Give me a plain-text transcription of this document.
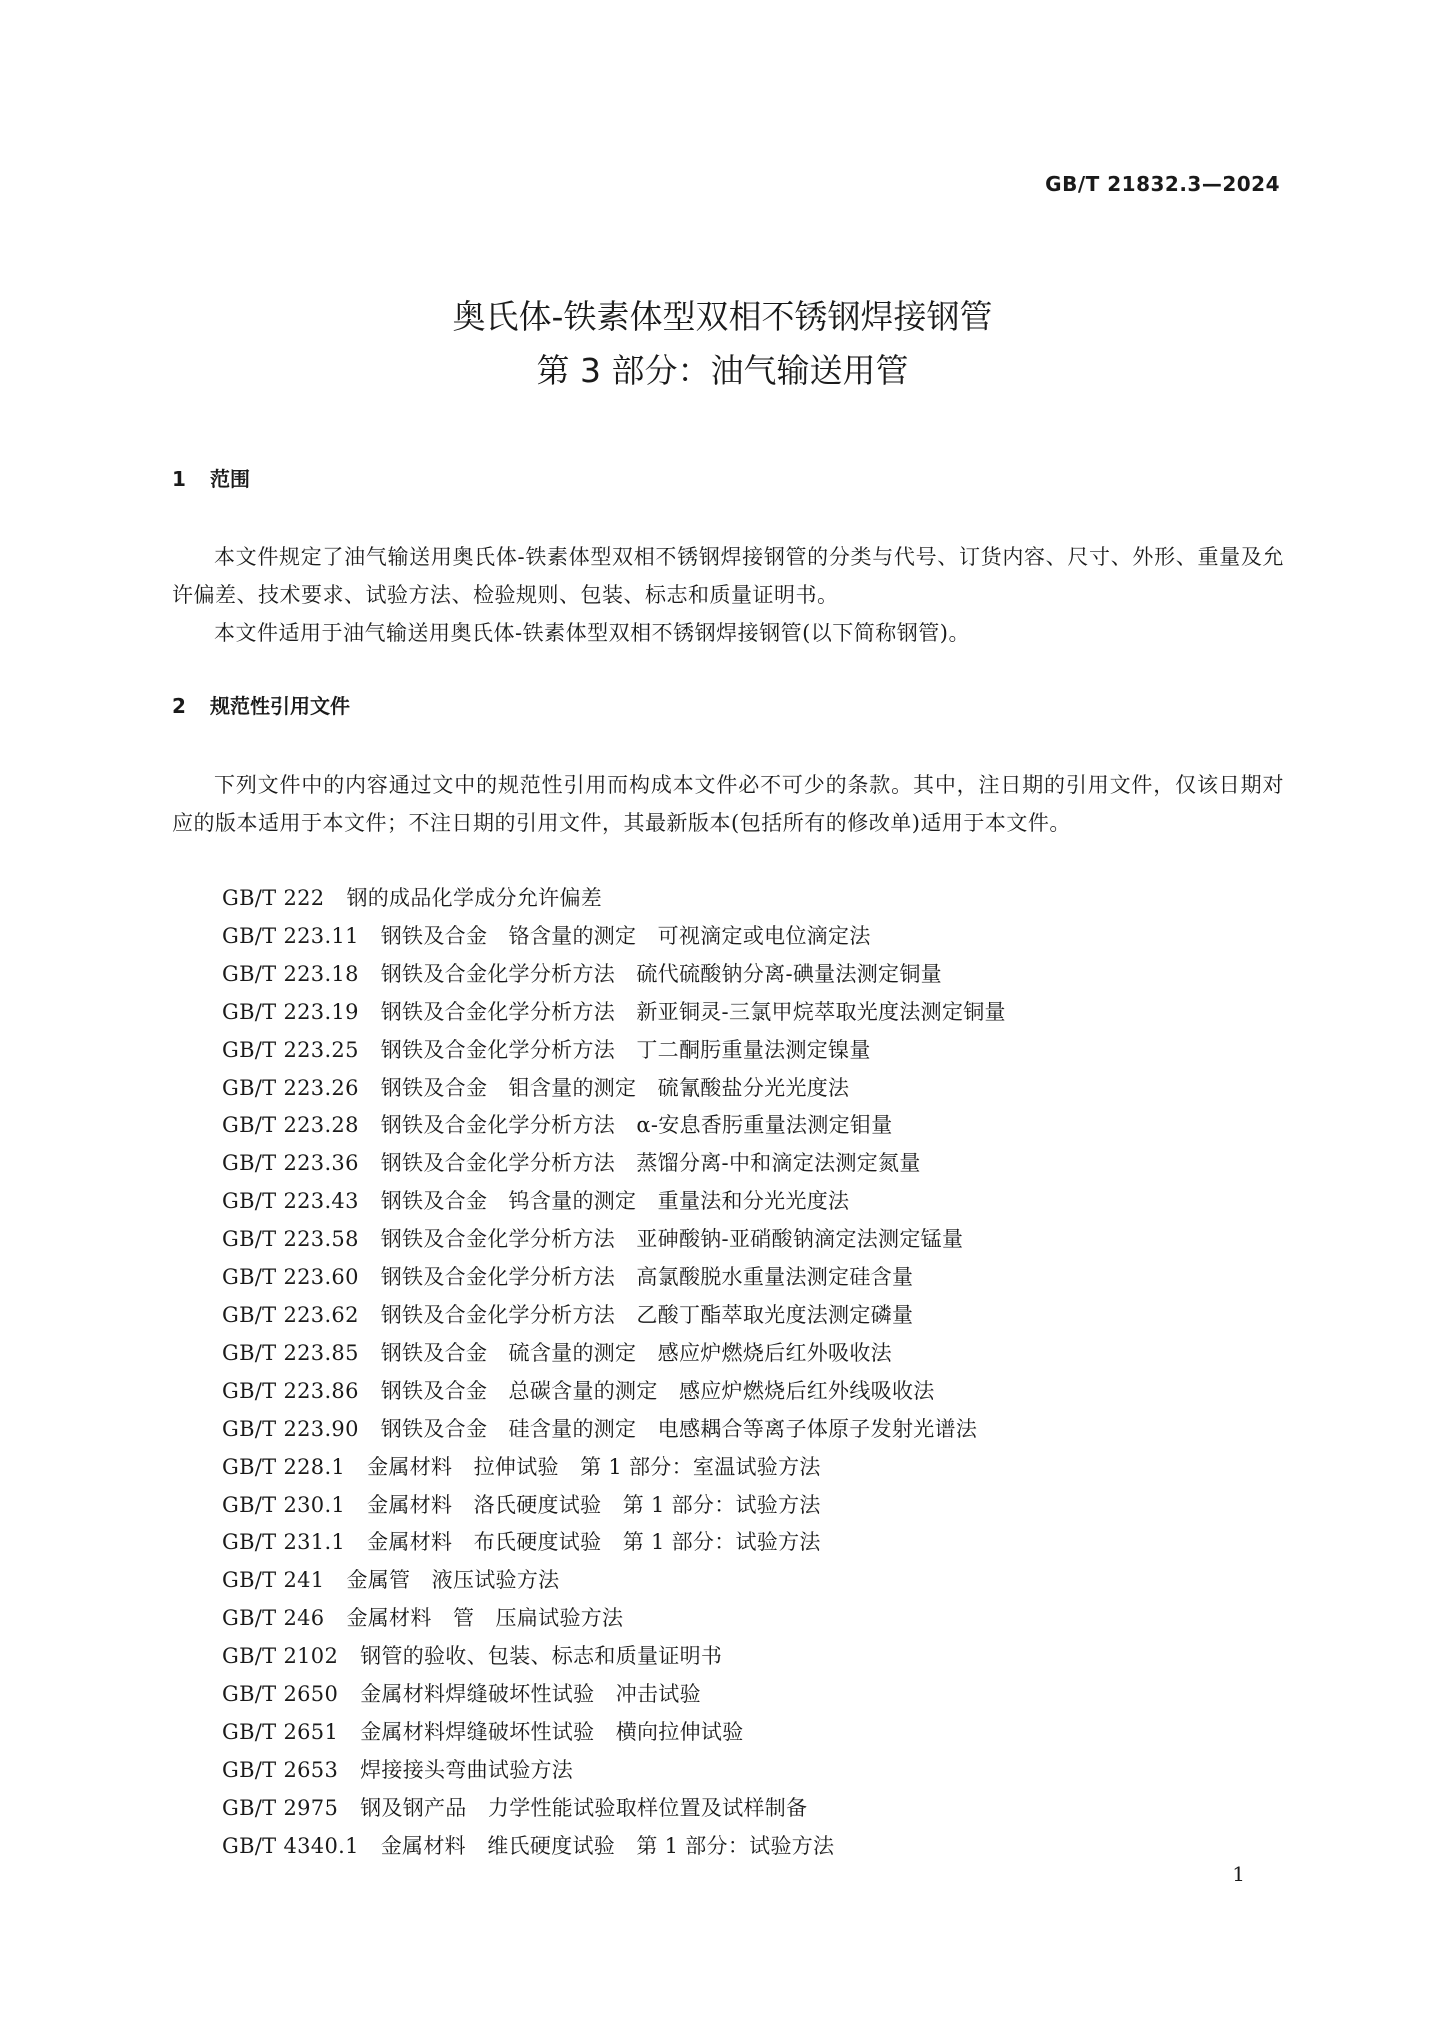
GB/T 21832.3—2024
奥氏体-铁素体型双相不锈钢焊接钢管
第 3 部分：油气输送用管
1 范围
本文件规定了油气输送用奥氏体-铁素体型双相不锈钢焊接钢管的分类与代号、订货内容、尺寸、外形、重量及允许偏差、技术要求、试验方法、检验规则、包装、标志和质量证明书。
本文件适用于油气输送用奥氏体-铁素体型双相不锈钢焊接钢管(以下简称钢管)。
2 规范性引用文件
下列文件中的内容通过文中的规范性引用而构成本文件必不可少的条款。其中，注日期的引用文件，仅该日期对应的版本适用于本文件；不注日期的引用文件，其最新版本(包括所有的修改单)适用于本文件。
GB/T 222 钢的成品化学成分允许偏差
GB/T 223.11 钢铁及合金　铬含量的测定　可视滴定或电位滴定法
GB/T 223.18 钢铁及合金化学分析方法　硫代硫酸钠分离-碘量法测定铜量
GB/T 223.19 钢铁及合金化学分析方法　新亚铜灵-三氯甲烷萃取光度法测定铜量
GB/T 223.25 钢铁及合金化学分析方法　丁二酮肟重量法测定镍量
GB/T 223.26 钢铁及合金　钼含量的测定　硫氰酸盐分光光度法
GB/T 223.28 钢铁及合金化学分析方法　α-安息香肟重量法测定钼量
GB/T 223.36 钢铁及合金化学分析方法　蒸馏分离-中和滴定法测定氮量
GB/T 223.43 钢铁及合金　钨含量的测定　重量法和分光光度法
GB/T 223.58 钢铁及合金化学分析方法　亚砷酸钠-亚硝酸钠滴定法测定锰量
GB/T 223.60 钢铁及合金化学分析方法　高氯酸脱水重量法测定硅含量
GB/T 223.62 钢铁及合金化学分析方法　乙酸丁酯萃取光度法测定磷量
GB/T 223.85 钢铁及合金　硫含量的测定　感应炉燃烧后红外吸收法
GB/T 223.86 钢铁及合金　总碳含量的测定　感应炉燃烧后红外线吸收法
GB/T 223.90 钢铁及合金　硅含量的测定　电感耦合等离子体原子发射光谱法
GB/T 228.1 金属材料　拉伸试验　第 1 部分：室温试验方法
GB/T 230.1 金属材料　洛氏硬度试验　第 1 部分：试验方法
GB/T 231.1 金属材料　布氏硬度试验　第 1 部分：试验方法
GB/T 241 金属管　液压试验方法
GB/T 246 金属材料　管　压扁试验方法
GB/T 2102 钢管的验收、包装、标志和质量证明书
GB/T 2650 金属材料焊缝破坏性试验　冲击试验
GB/T 2651 金属材料焊缝破坏性试验　横向拉伸试验
GB/T 2653 焊接接头弯曲试验方法
GB/T 2975 钢及钢产品　力学性能试验取样位置及试样制备
GB/T 4340.1 金属材料　维氏硬度试验　第 1 部分：试验方法
1
